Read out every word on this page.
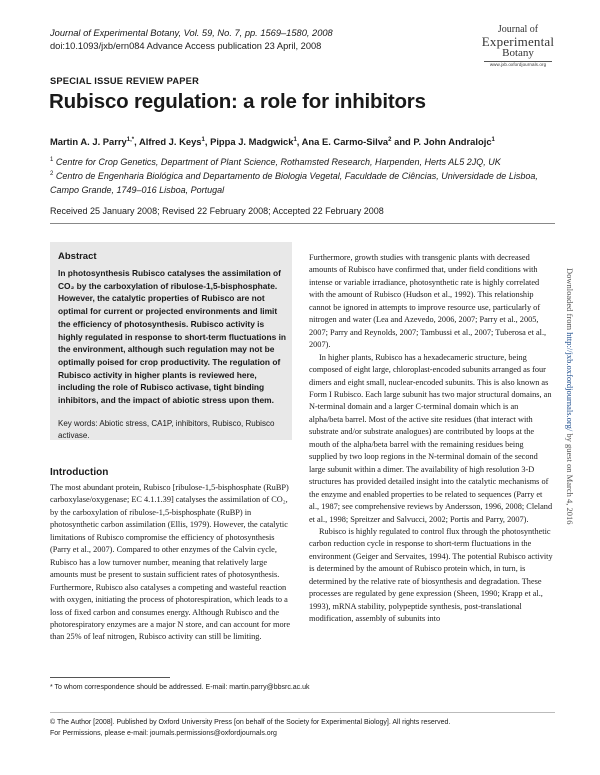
Journal of Experimental Botany, Vol. 59, No. 7, pp. 1569–1580, 2008
doi:10.1093/jxb/ern084 Advance Access publication 23 April, 2008
Journal of
Experimental
Botany
www.jxb.oxfordjournals.org
SPECIAL ISSUE REVIEW PAPER
Rubisco regulation: a role for inhibitors
Martin A. J. Parry$^{1,*}$, Alfred J. Keys$^1$, Pippa J. Madgwick$^1$, Ana E. Carmo-Silva$^2$ and P. John Andralojc$^1$
$^1$ Centre for Crop Genetics, Department of Plant Science, Rothamsted Research, Harpenden, Herts AL5 2JQ, UK
$^2$ Centro de Engenharia Biológica and Departamento de Biologia Vegetal, Faculdade de Ciências, Universidade de Lisboa, Campo Grande, 1749–016 Lisboa, Portugal
Received 25 January 2008; Revised 22 February 2008; Accepted 22 February 2008
Downloaded from http://jxb.oxfordjournals.org/ by guest on March 4, 2016
Abstract
In photosynthesis Rubisco catalyses the assimilation of CO₂ by the carboxylation of ribulose-1,5-bisphosphate. However, the catalytic properties of Rubisco are not optimal for current or projected environments and limit the efficiency of photosynthesis. Rubisco activity is highly regulated in response to short-term fluctuations in the environment, although such regulation may not be optimally poised for crop productivity. The regulation of Rubisco activity in higher plants is reviewed here, including the role of Rubisco activase, tight binding inhibitors, and the impact of abiotic stress upon them.
Key words: Abiotic stress, CA1P, inhibitors, Rubisco, Rubisco activase.
Introduction

The most abundant protein, Rubisco [ribulose-1,5-bisphosphate (RuBP) carboxylase/oxygenase; EC 4.1.1.39] catalyses the assimilation of CO₂, by the carboxylation of ribulose-1,5-bisphosphate (RuBP) in photosynthetic carbon assimilation (Ellis, 1979). However, the catalytic limitations of Rubisco compromise the efficiency of photosynthesis (Parry et al., 2007). Compared to other enzymes of the Calvin cycle, Rubisco has a low turnover number, meaning that relatively large amounts must be present to sustain sufficient rates of photosynthesis. Furthermore, Rubisco also catalyses a competing and wasteful reaction with oxygen, initiating the process of photorespiration, which leads to a loss of fixed carbon and consumes energy. Although Rubisco and the photorespiratory enzymes are a major N store, and can account for more than 25% of leaf nitrogen, Rubisco activity can still be limiting.

Furthermore, growth studies with transgenic plants with decreased amounts of Rubisco have confirmed that, under field conditions with intense or variable irradiance, photosynthetic rate is highly correlated with the amount of Rubisco (Hudson et al., 1992). This relationship cannot be ignored in attempts to improve resource use, particularly of nitrogen and water (Lea and Azevedo, 2006, 2007; Parry et al., 2005, 2007; Parry and Reynolds, 2007; Tambussi et al., 2007; Tuberosa et al., 2007).

In higher plants, Rubisco has a hexadecameric structure, being composed of eight large, chloroplast-encoded subunits arranged as four dimers and eight small, nuclear-encoded subunits. This is also known as Form I Rubisco. Each large subunit has two major structural domains, an N-terminal domain and a larger C-terminal domain which is an alpha/beta barrel. Most of the active site residues (that interact with substrate and/or substrate analogues) are contributed by loops at the mouth of the alpha/beta barrel with the remaining residues being supplied by two loop regions in the N-terminal domain of the second large subunit within a dimer. The availability of high resolution 3-D structures has provided detailed insight into the catalytic mechanisms of the enzyme and enabled properties to be related to sequences (Parry et al., 1987; see comprehensive reviews by Andersson, 1996, 2008; Cleland et al., 1998; Spreitzer and Salvucci, 2002; Portis and Parry, 2007).

Rubisco is highly regulated to control flux through the photosynthetic carbon reduction cycle in response to short-term fluctuations in the environment (Geiger and Servaites, 1994). The potential Rubisco activity is determined by the amount of Rubisco protein which, in turn, is determined by the relative rate of biosynthesis and degradation. These processes are regulated by gene expression (Sheen, 1990; Krapp et al., 1993), mRNA stability, polypeptide synthesis, post-translational modification, assembly of subunits into

* To whom correspondence should be addressed. E-mail: martin.parry@bbsrc.ac.uk
© The Author [2008]. Published by Oxford University Press [on behalf of the Society for Experimental Biology]. All rights reserved.
For Permissions, please e-mail: journals.permissions@oxfordjournals.org
